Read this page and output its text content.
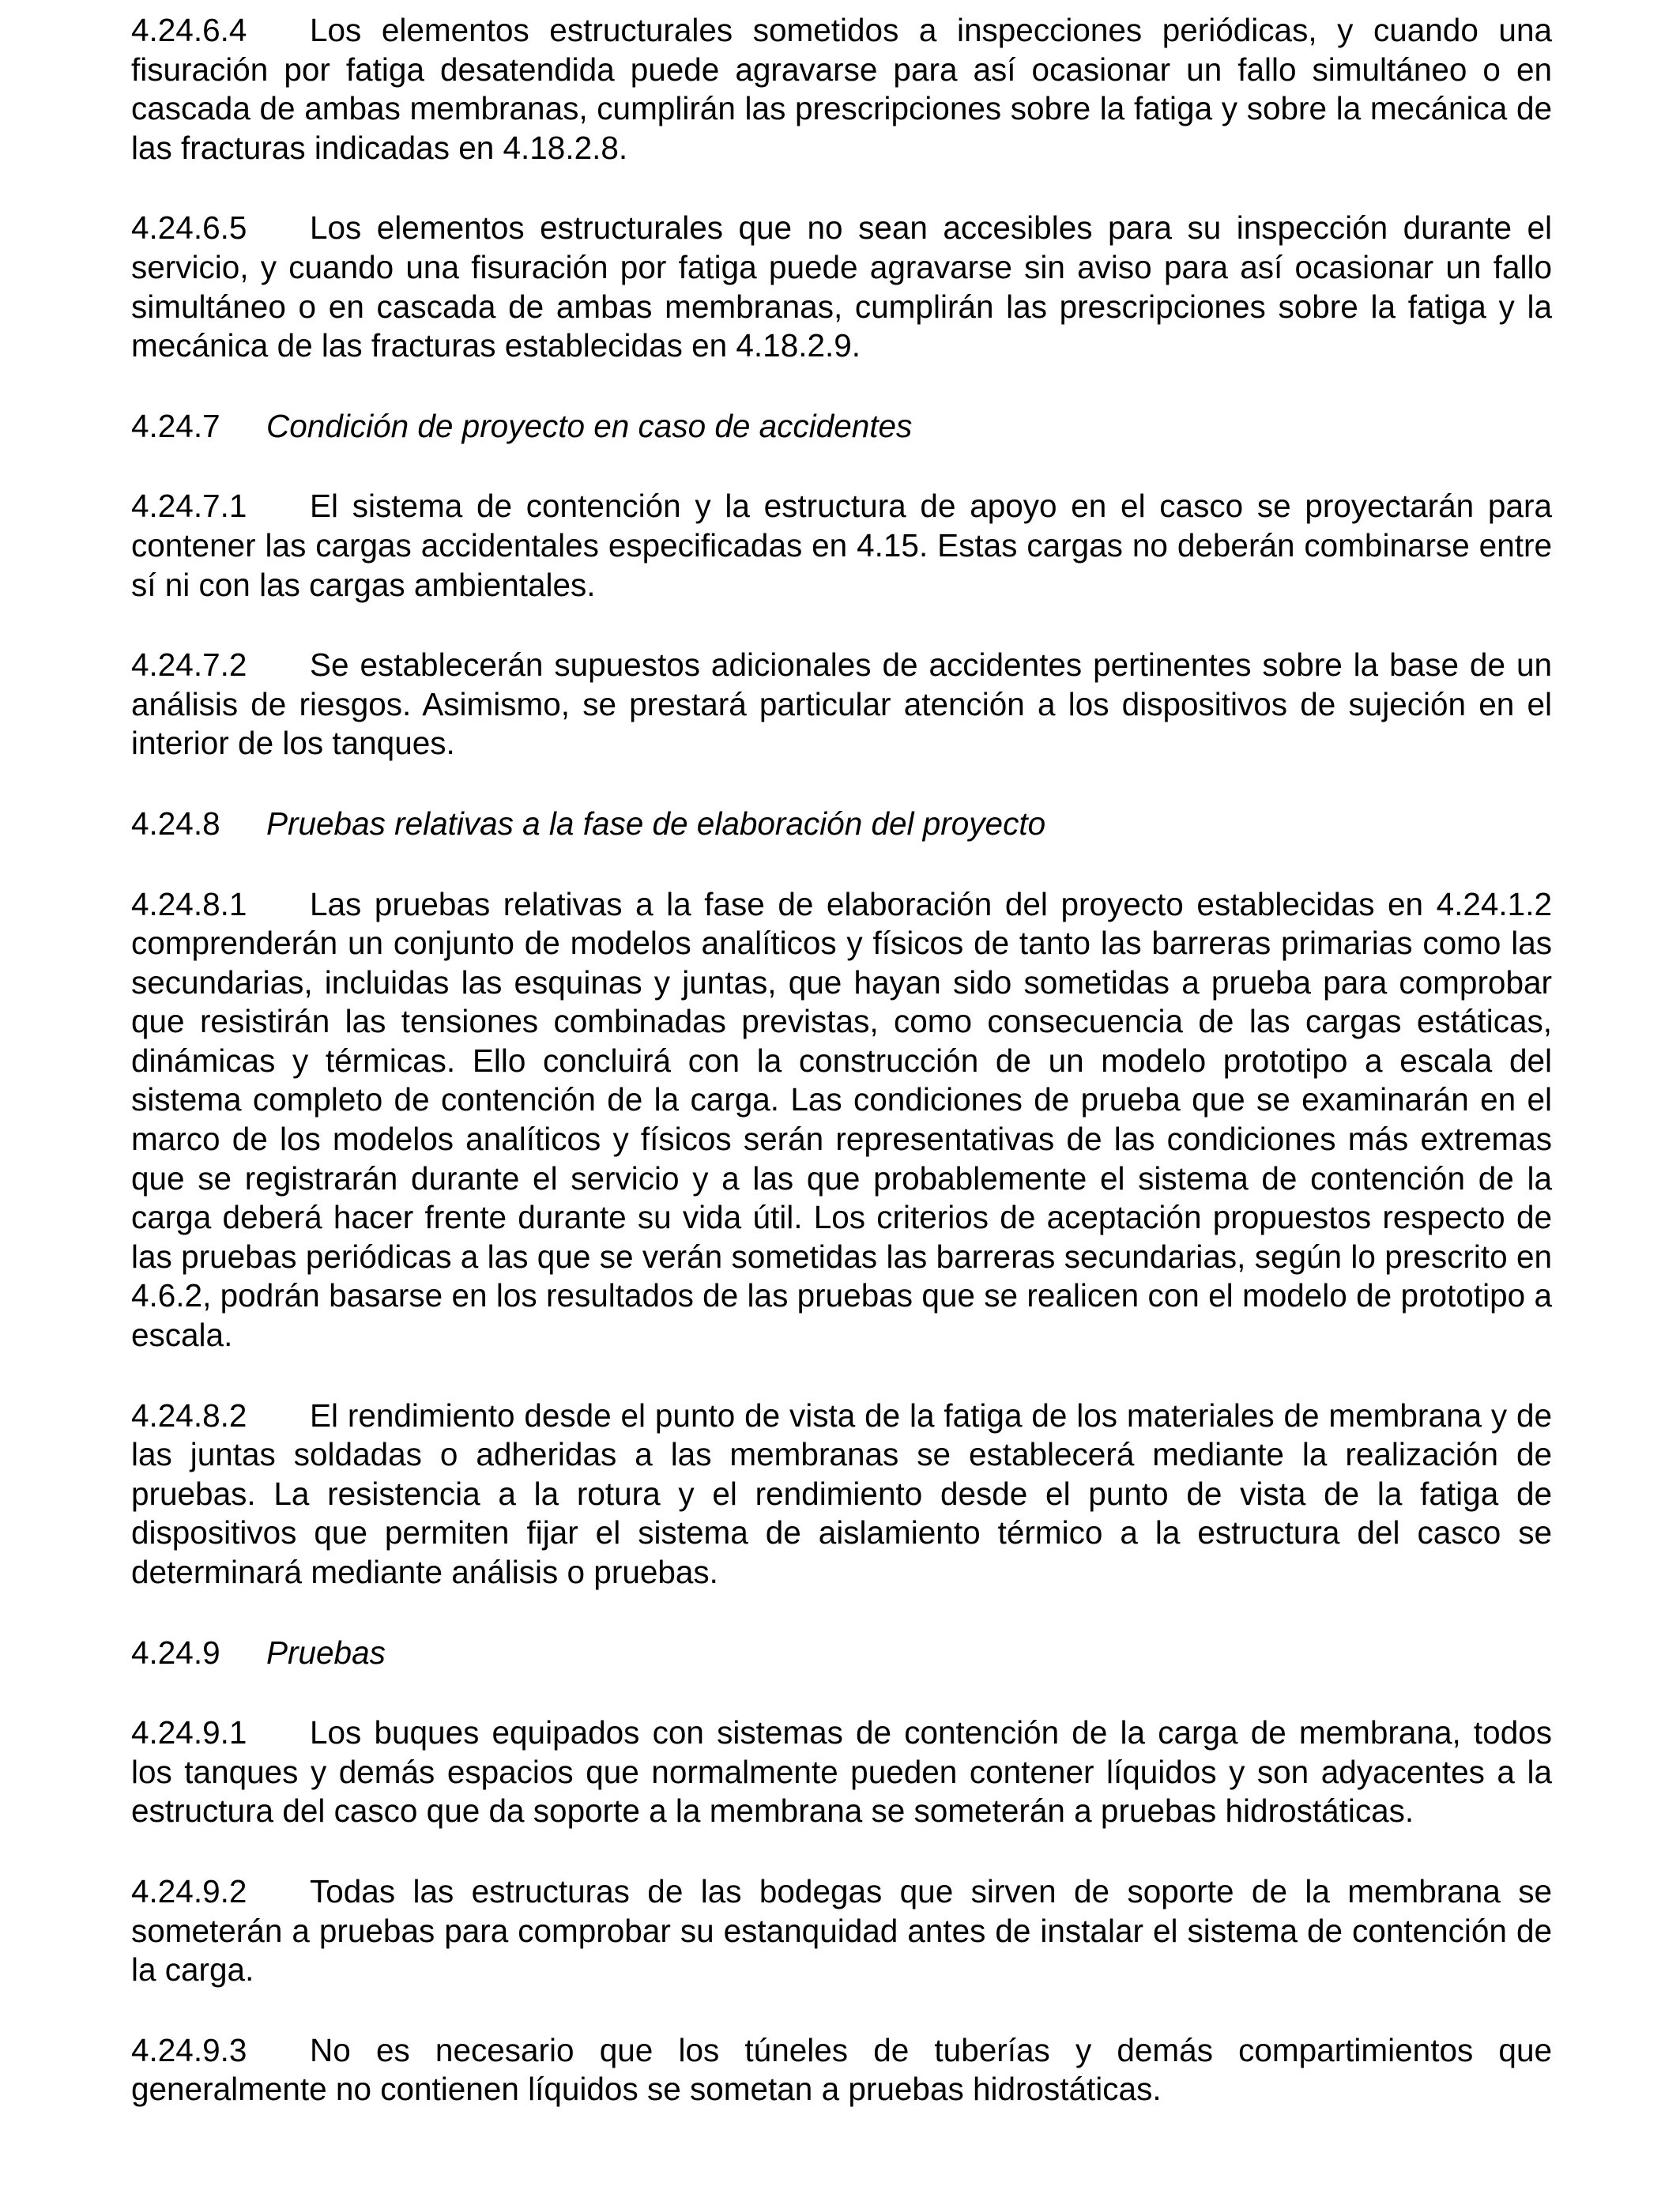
4.24.6.4 Los elementos estructurales sometidos a inspecciones periódicas, y cuando una fisuración por fatiga desatendida puede agravarse para así ocasionar un fallo simultáneo o en cascada de ambas membranas, cumplirán las prescripciones sobre la fatiga y sobre la mecánica de las fracturas indicadas en 4.18.2.8.

4.24.6.5 Los elementos estructurales que no sean accesibles para su inspección durante el servicio, y cuando una fisuración por fatiga puede agravarse sin aviso para así ocasionar un fallo simultáneo o en cascada de ambas membranas, cumplirán las prescripciones sobre la fatiga y la mecánica de las fracturas establecidas en 4.18.2.9.

4.24.7 Condición de proyecto en caso de accidentes

4.24.7.1 El sistema de contención y la estructura de apoyo en el casco se proyectarán para contener las cargas accidentales especificadas en 4.15. Estas cargas no deberán combinarse entre sí ni con las cargas ambientales.

4.24.7.2 Se establecerán supuestos adicionales de accidentes pertinentes sobre la base de un análisis de riesgos. Asimismo, se prestará particular atención a los dispositivos de sujeción en el interior de los tanques.

4.24.8 Pruebas relativas a la fase de elaboración del proyecto

4.24.8.1 Las pruebas relativas a la fase de elaboración del proyecto establecidas en 4.24.1.2 comprenderán un conjunto de modelos analíticos y físicos de tanto las barreras primarias como las secundarias, incluidas las esquinas y juntas, que hayan sido sometidas a prueba para comprobar que resistirán las tensiones combinadas previstas, como consecuencia de las cargas estáticas, dinámicas y térmicas. Ello concluirá con la construcción de un modelo prototipo a escala del sistema completo de contención de la carga. Las condiciones de prueba que se examinarán en el marco de los modelos analíticos y físicos serán representativas de las condiciones más extremas que se registrarán durante el servicio y a las que probablemente el sistema de contención de la carga deberá hacer frente durante su vida útil. Los criterios de aceptación propuestos respecto de las pruebas periódicas a las que se verán sometidas las barreras secundarias, según lo prescrito en 4.6.2, podrán basarse en los resultados de las pruebas que se realicen con el modelo de prototipo a escala.

4.24.8.2 El rendimiento desde el punto de vista de la fatiga de los materiales de membrana y de las juntas soldadas o adheridas a las membranas se establecerá mediante la realización de pruebas. La resistencia a la rotura y el rendimiento desde el punto de vista de la fatiga de dispositivos que permiten fijar el sistema de aislamiento térmico a la estructura del casco se determinará mediante análisis o pruebas.

4.24.9 Pruebas

4.24.9.1 Los buques equipados con sistemas de contención de la carga de membrana, todos los tanques y demás espacios que normalmente pueden contener líquidos y son adyacentes a la estructura del casco que da soporte a la membrana se someterán a pruebas hidrostáticas.

4.24.9.2 Todas las estructuras de las bodegas que sirven de soporte de la membrana se someterán a pruebas para comprobar su estanquidad antes de instalar el sistema de contención de la carga.

4.24.9.3 No es necesario que los túneles de tuberías y demás compartimientos que generalmente no contienen líquidos se sometan a pruebas hidrostáticas.
